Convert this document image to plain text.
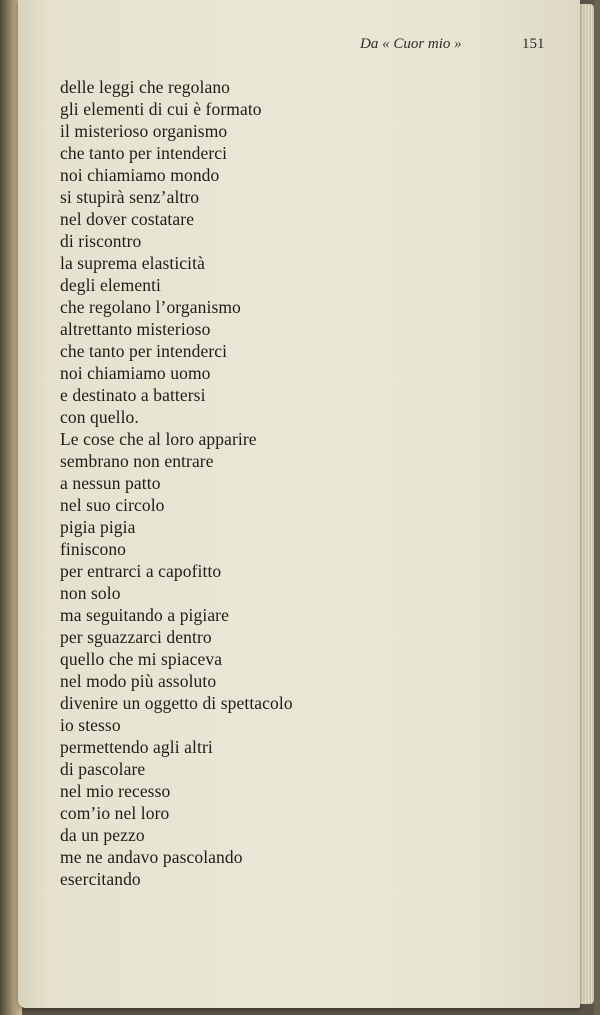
Da « Cuor mio »	151
delle leggi che regolano
gli elementi di cui è formato
il misterioso organismo
che tanto per intenderci
noi chiamiamo mondo
si stupirà senz’altro
nel dover costatare
di riscontro
la suprema elasticità
degli elementi
che regolano l’organismo
altrettanto misterioso
che tanto per intenderci
noi chiamiamo uomo
e destinato a battersi
con quello.
Le cose che al loro apparire
sembrano non entrare
a nessun patto
nel suo circolo
pigia pigia
finiscono
per entrarci a capofitto
non solo
ma seguitando a pigiare
per sguazzarci dentro
quello che mi spiaceva
nel modo più assoluto
divenire un oggetto di spettacolo
io stesso
permettendo agli altri
di pascolare
nel mio recesso
com’io nel loro
da un pezzo
me ne andavo pascolando
esercitando
